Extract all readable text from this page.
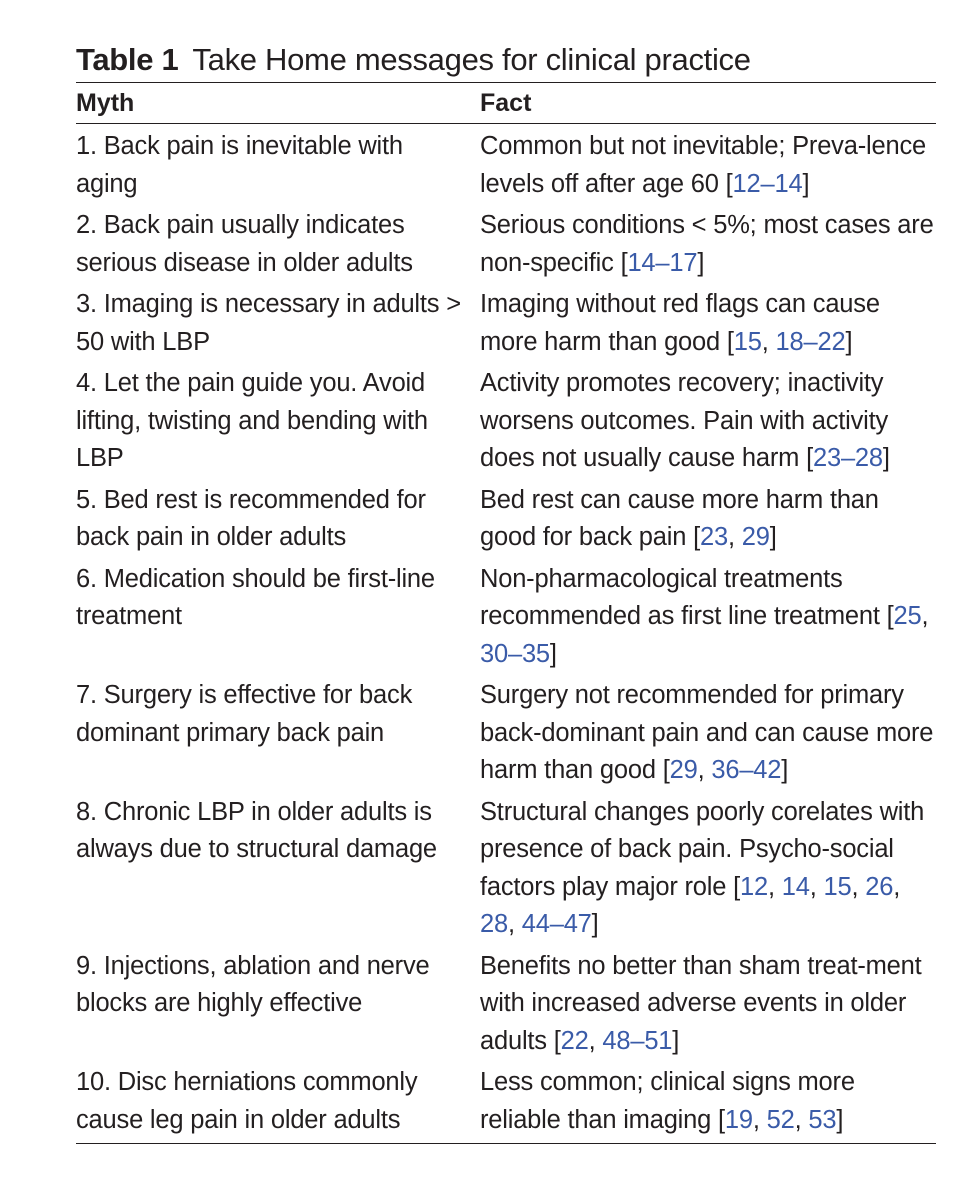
Table 1 Take Home messages for clinical practice
Myth	Fact
1. Back pain is inevitable with aging	Common but not inevitable; Preva-lence levels off after age 60 [12–14]
2. Back pain usually indicates serious disease in older adults	Serious conditions < 5%; most cases are non-specific [14–17]
3. Imaging is necessary in adults > 50 with LBP	Imaging without red flags can cause more harm than good [15, 18–22]
4. Let the pain guide you. Avoid lifting, twisting and bending with LBP	Activity promotes recovery; inactivity worsens outcomes. Pain with activity does not usually cause harm [23–28]
5. Bed rest is recommended for back pain in older adults	Bed rest can cause more harm than good for back pain [23, 29]
6. Medication should be first-line treatment	Non-pharmacological treatments recommended as first line treatment [25, 30–35]
7. Surgery is effective for back dominant primary back pain	Surgery not recommended for primary back-dominant pain and can cause more harm than good [29, 36–42]
8. Chronic LBP in older adults is always due to structural damage	Structural changes poorly corelates with presence of back pain. Psycho-social factors play major role [12, 14, 15, 26, 28, 44–47]
9. Injections, ablation and nerve blocks are highly effective	Benefits no better than sham treat-ment with increased adverse events in older adults [22, 48–51]
10. Disc herniations commonly cause leg pain in older adults	Less common; clinical signs more reliable than imaging [19, 52, 53]
